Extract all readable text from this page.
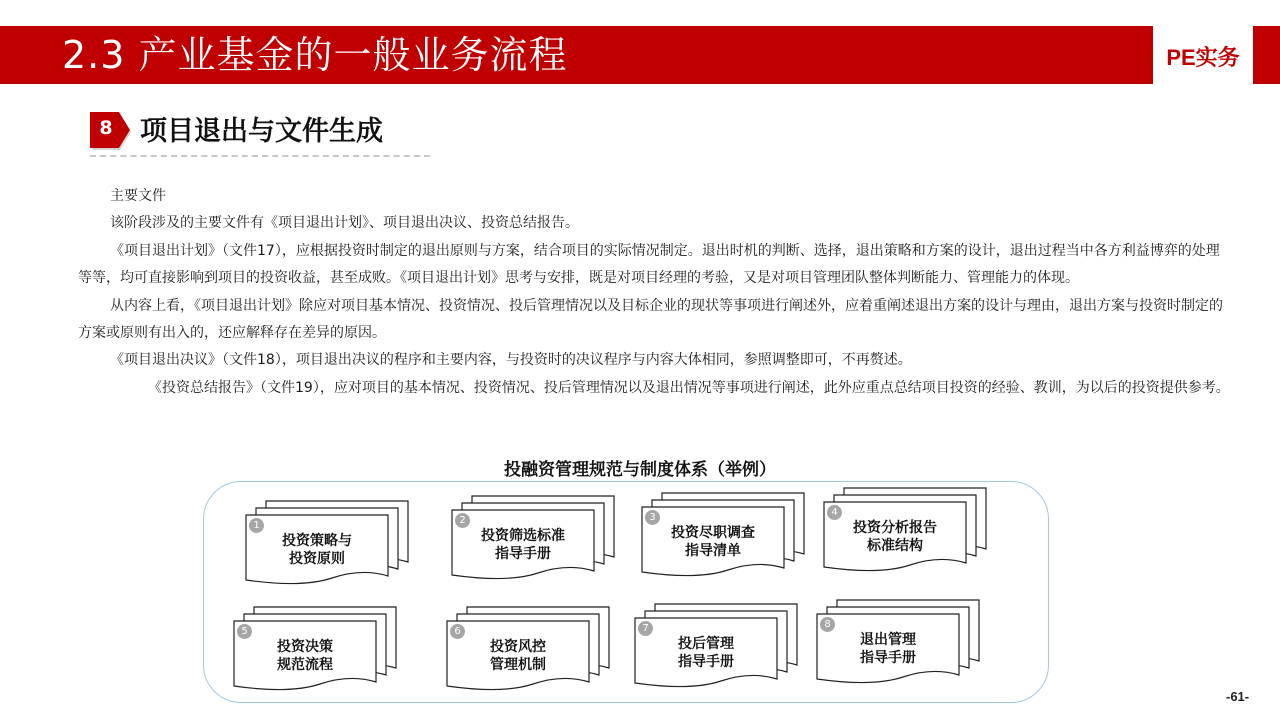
2.3 产业基金的一般业务流程	PE实务
8	项目退出与文件生成

主要文件

该阶段涉及的主要文件有《项目退出计划》、项目退出决议、投资总结报告。

《项目退出计划》（文件17），应根据投资时制定的退出原则与方案，结合项目的实际情况制定。退出时机的判断、选择，退出策略和方案的设计，退出过程当中各方利益博弈的处理等等，均可直接影响到项目的投资收益，甚至成败。《项目退出计划》思考与安排，既是对项目经理的考验，又是对项目管理团队整体判断能力、管理能力的体现。

从内容上看，《项目退出计划》除应对项目基本情况、投资情况、投后管理情况以及目标企业的现状等事项进行阐述外，应着重阐述退出方案的设计与理由，退出方案与投资时制定的方案或原则有出入的，还应解释存在差异的原因。

《项目退出决议》（文件18），项目退出决议的程序和主要内容，与投资时的决议程序与内容大体相同，参照调整即可，不再赘述。

《投资总结报告》（文件19），应对项目的基本情况、投资情况、投后管理情况以及退出情况等事项进行阐述，此外应重点总结项目投资的经验、教训，为以后的投资提供参考。

投融资管理规范与制度体系（举例）
1
投资策略与
投资原则
2
投资筛选标准
指导手册
3
投资尽职调查
指导清单
4
投资分析报告
标准结构
5
投资决策
规范流程
6
投资风控
管理机制
7
投后管理
指导手册
8
退出管理
指导手册
-61-
